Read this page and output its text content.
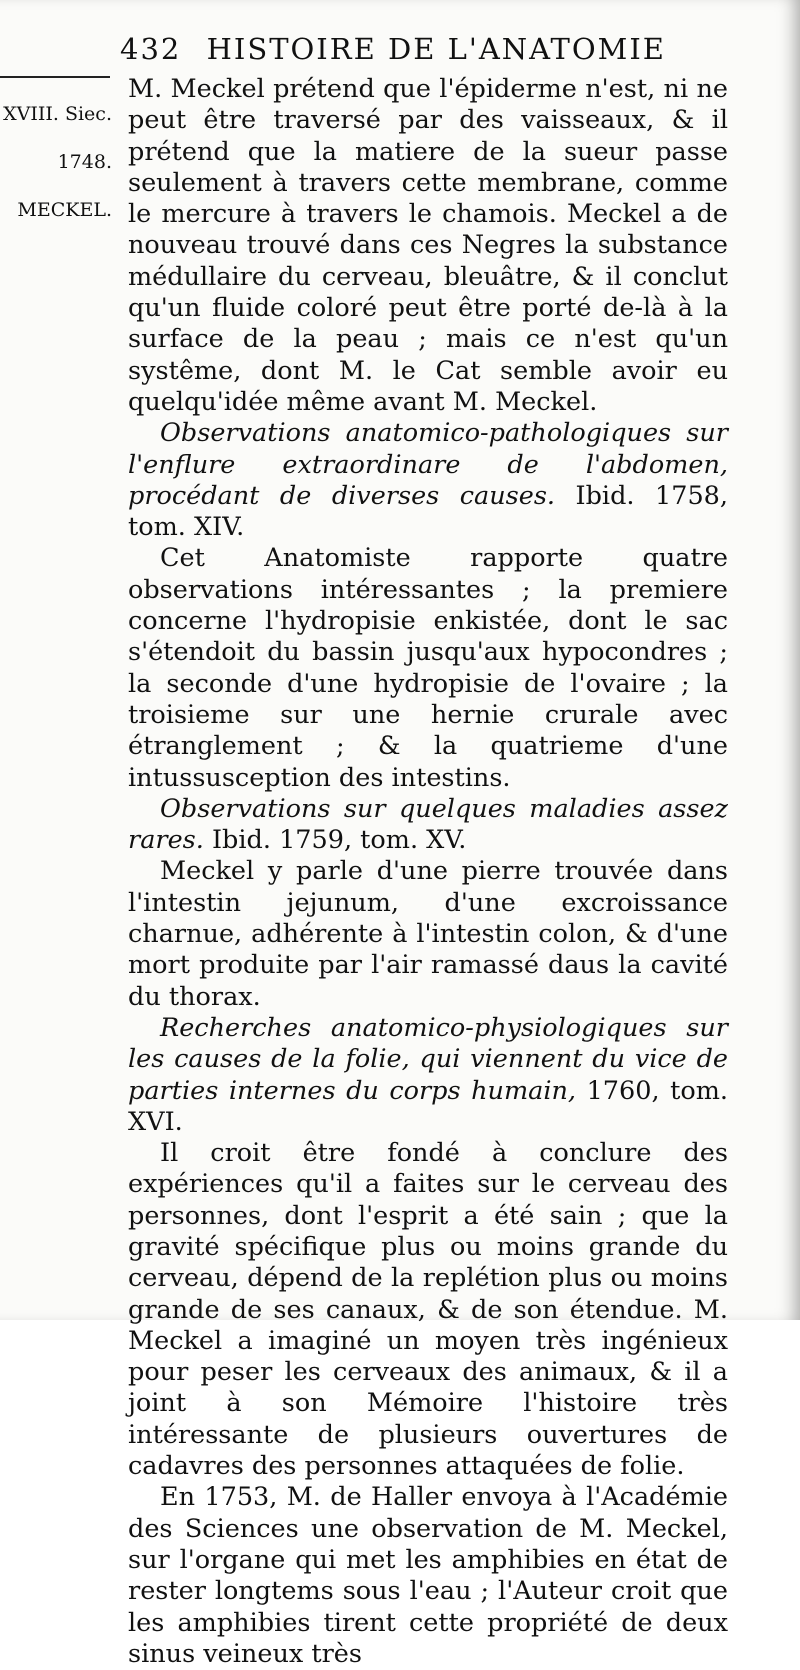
432 HISTOIRE DE L'ANATOMIE
XVIII. Siec.
1748.
MECKEL.

M. Meckel prétend que l'épiderme n'est, ni ne peut être traversé par des vaisseaux, & il prétend que la matiere de la sueur passe seulement à travers cette membrane, comme le mercure à travers le chamois. Meckel a de nouveau trouvé dans ces Negres la substance médullaire du cerveau, bleuâtre, & il conclut qu'un fluide coloré peut être porté de-là à la surface de la peau ; mais ce n'est qu'un systême, dont M. le Cat semble avoir eu quelqu'idée même avant M. Meckel.

Observations anatomico-pathologiques sur l'enflure extraordinare de l'abdomen, procédant de diverses causes. Ibid. 1758, tom. XIV.

Cet Anatomiste rapporte quatre observations intéressantes ; la premiere concerne l'hydropisie enkistée, dont le sac s'étendoit du bassin jusqu'aux hypocondres ; la seconde d'une hydropisie de l'ovaire ; la troisieme sur une hernie crurale avec étranglement ; & la quatrieme d'une intussusception des intestins.

Observations sur quelques maladies assez rares. Ibid. 1759, tom. XV.

Meckel y parle d'une pierre trouvée dans l'intestin jejunum, d'une excroissance charnue, adhérente à l'intestin colon, & d'une mort produite par l'air ramassé daus la cavité du thorax.

Recherches anatomico-physiologiques sur les causes de la folie, qui viennent du vice de parties internes du corps humain, 1760, tom. XVI.

Il croit être fondé à conclure des expériences qu'il a faites sur le cerveau des personnes, dont l'esprit a été sain ; que la gravité spécifique plus ou moins grande du cerveau, dépend de la replétion plus ou moins grande de ses canaux, & de son étendue. M. Meckel a imaginé un moyen très ingénieux pour peser les cerveaux des animaux, & il a joint à son Mémoire l'histoire très intéressante de plusieurs ouvertures de cadavres des personnes attaquées de folie.

En 1753, M. de Haller envoya à l'Académie des Sciences une observation de M. Meckel, sur l'organe qui met les amphibies en état de rester longtems sous l'eau ; l'Auteur croit que les amphibies tirent cette propriété de deux sinus veineux très
